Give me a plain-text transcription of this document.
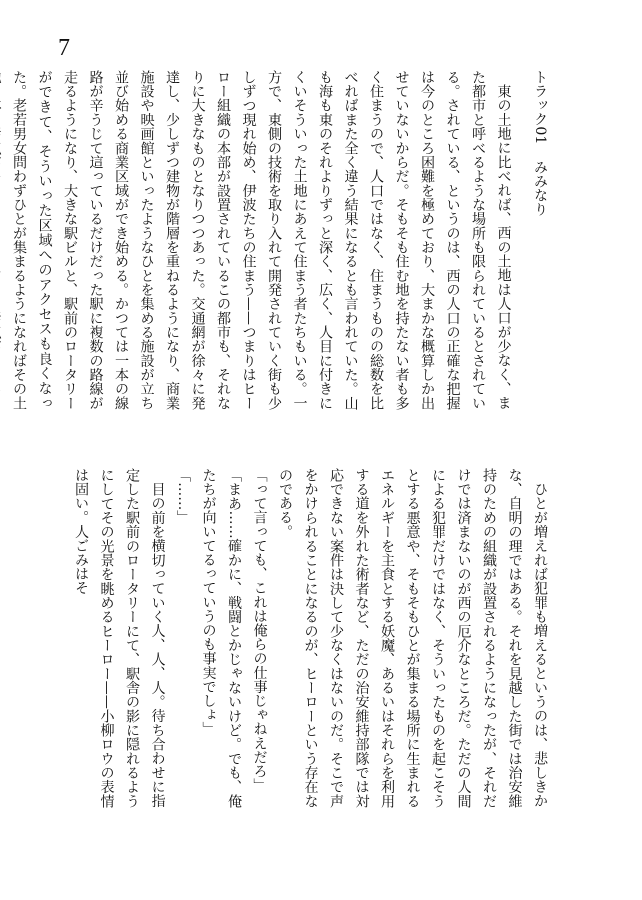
7
トラック01　みみなり

東の土地に比べれば、西の土地は人口が少なく、また都市と呼べるような場所も限られているとされている。されている、というのは、西の人口の正確な把握は今のところ困難を極めており、大まかな概算しか出せていないからだ。そもそも住む地を持たない者も多く住まうので、人口ではなく、住まうものの総数を比べればまた全く違う結果になるとも言われていた。山も海も東のそれよりずっと深く、広く、人目に付きにくいそういった土地にあえて住まう者たちもいる。一方で、東側の技術を取り入れて開発されていく街も少しずつ現れ始め、伊波たちの住まう——つまりはヒーロー組織の本部が設置されているこの都市も、それなりに大きなものとなりつつあった。交通網が徐々に発達し、少しずつ建物が階層を重ねるようになり、商業施設や映画館といったようなひとを集める施設が立ち並び始める商業区域ができ始める。かつては一本の線路が辛うじて這っているだけだった駅に複数の路線が走るようになり、大きな駅ビルと、駅前のロータリーができて、そういった区域へのアクセスも良くなった。老若男女問わずひとが集まるようになればその土

ひとが増えれば犯罪も増えるというのは、悲しきかな、自明の理ではある。それを見越した街では治安維持のための組織が設置されるようになったが、それだけでは済まないのが西の厄介なところだ。ただの人間による犯罪だけではなく、そういったものを起こそうとする悪意や、そもそもひとが集まる場所に生まれるエネルギーを主食とする妖魔、あるいはそれらを利用する道を外れた術者など、ただの治安維持部隊では対応できない案件は決して少なくはないのだ。そこで声をかけられることになるのが、ヒーローという存在なのである。

「って言っても、これは俺らの仕事じゃねえだろ」

「まあ……確かに、戦闘とかじゃないけど。でも、俺たちが向いてるっていうのも事実でしょ」

「……」

目の前を横切っていく人、人、人。待ち合わせに指定した駅前のロータリーにて、駅舎の影に隠れるようにしてその光景を眺めるヒーロー——小柳ロウの表情は固い。人ごみはそ
